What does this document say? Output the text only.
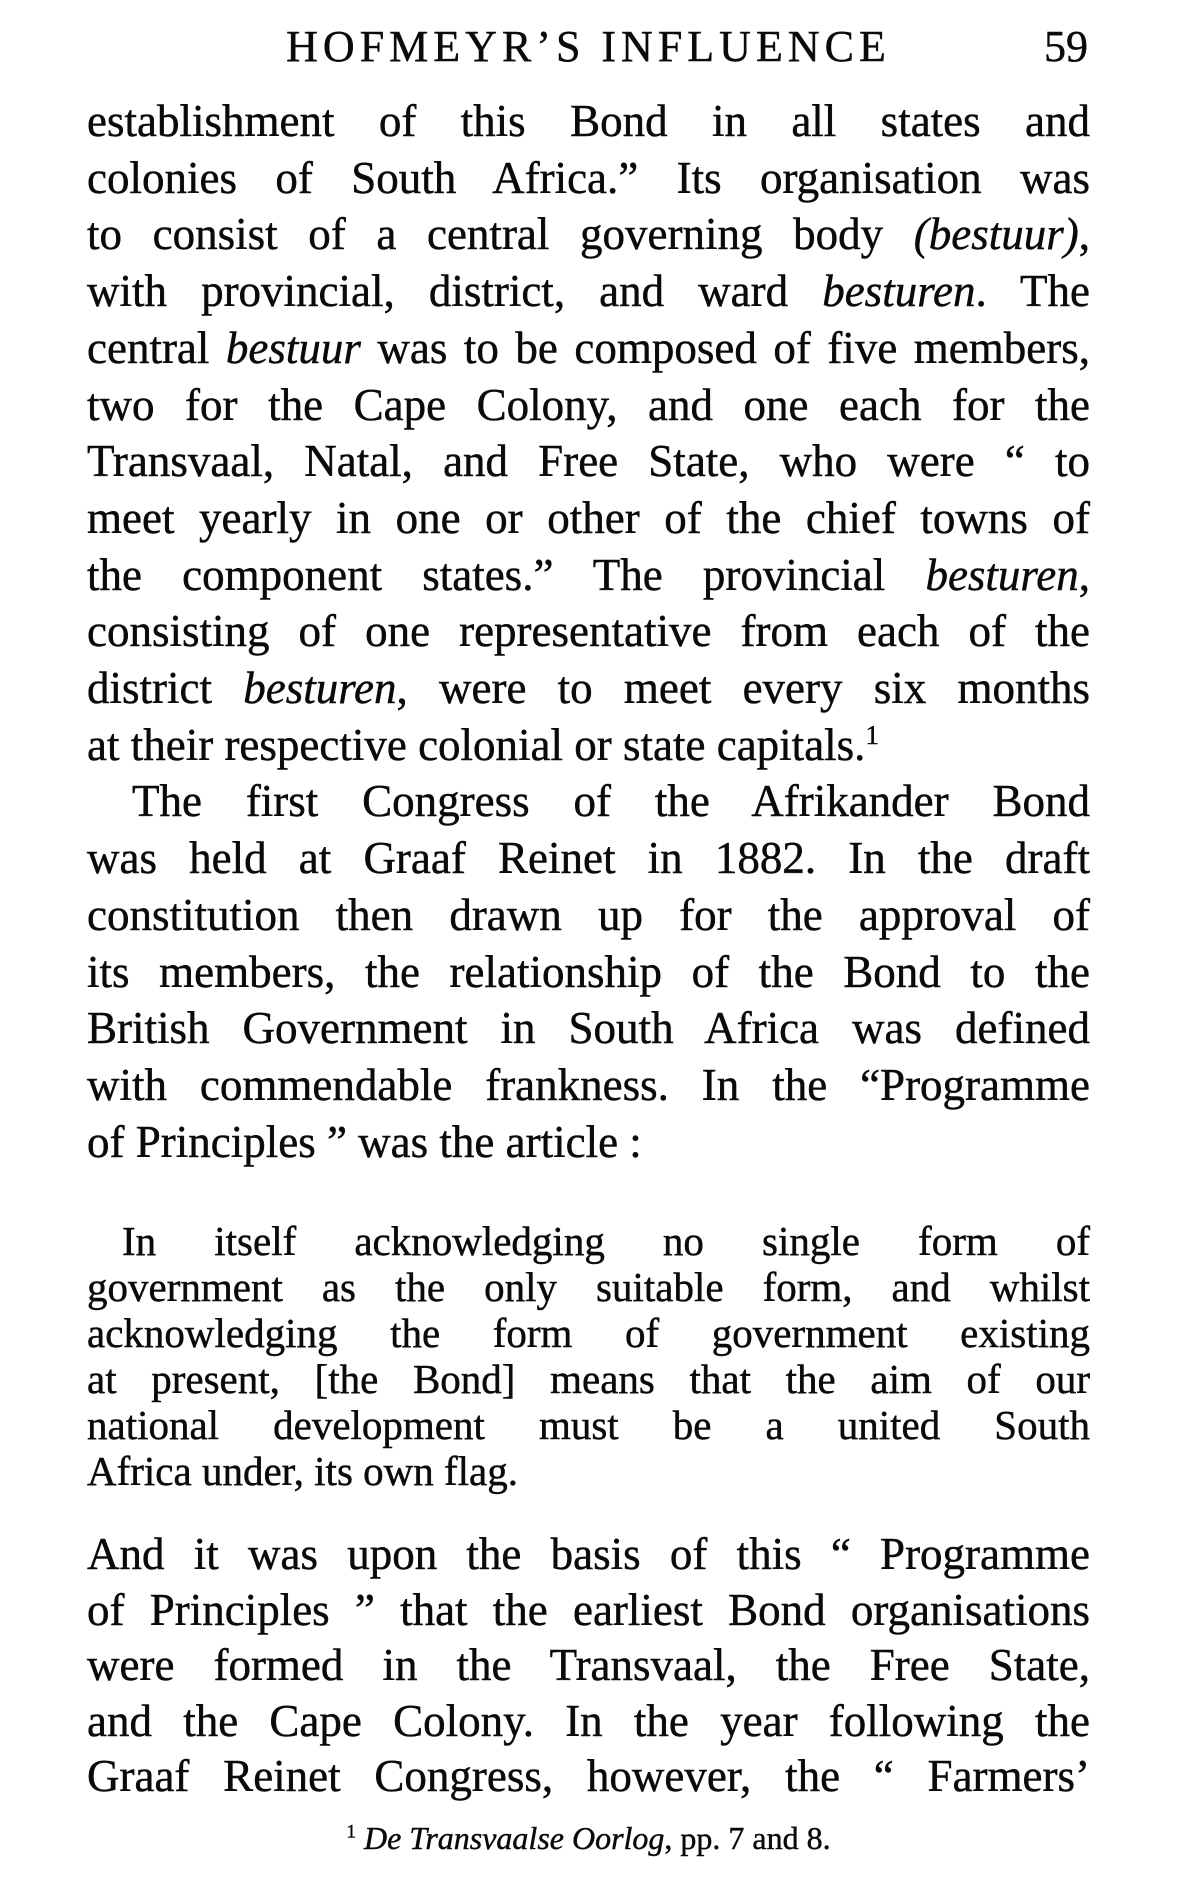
HOFMEYR’S INFLUENCE	59
establishment of this Bond in all states and
colonies of South Africa.” Its organisation was
to consist of a central governing body (bestuur),
with provincial, district, and ward besturen. The
central bestuur was to be composed of five members,
two for the Cape Colony, and one each for the
Transvaal, Natal, and Free State, who were “ to
meet yearly in one or other of the chief towns of
the component states.” The provincial besturen,
consisting of one representative from each of the
district besturen, were to meet every six months
at their respective colonial or state capitals.$^1$
The first Congress of the Afrikander Bond
was held at Graaf Reinet in 1882. In the draft
constitution then drawn up for the approval of
its members, the relationship of the Bond to the
British Government in South Africa was defined
with commendable frankness. In the “Programme
of Principles ” was the article :
In itself acknowledging no single form of
government as the only suitable form, and whilst
acknowledging the form of government existing
at present, [the Bond] means that the aim of our
national development must be a united South
Africa under, its own flag.
And it was upon the basis of this “ Programme
of Principles ” that the earliest Bond organisations
were formed in the Transvaal, the Free State,
and the Cape Colony. In the year following the
Graaf Reinet Congress, however, the “ Farmers’
$^1$ De Transvaalse Oorlog, pp. 7 and 8.
